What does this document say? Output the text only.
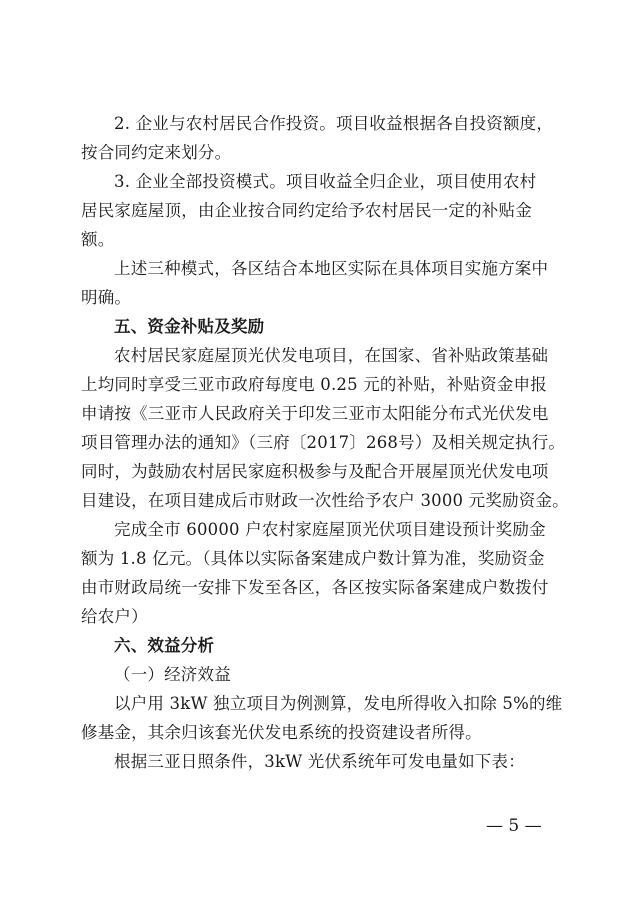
2. 企业与农村居民合作投资。项目收益根据各自投资额度，
按合同约定来划分。
3. 企业全部投资模式。项目收益全归企业，项目使用农村
居民家庭屋顶，由企业按合同约定给予农村居民一定的补贴金
额。
上述三种模式，各区结合本地区实际在具体项目实施方案中
明确。
五、资金补贴及奖励
农村居民家庭屋顶光伏发电项目，在国家、省补贴政策基础
上均同时享受三亚市政府每度电 0.25 元的补贴，补贴资金申报
申请按《三亚市人民政府关于印发三亚市太阳能分布式光伏发电
项目管理办法的通知》（三府〔2017〕268号）及相关规定执行。
同时，为鼓励农村居民家庭积极参与及配合开展屋顶光伏发电项
目建设，在项目建成后市财政一次性给予农户 3000 元奖励资金。
完成全市 60000 户农村家庭屋顶光伏项目建设预计奖励金
额为 1.8 亿元。（具体以实际备案建成户数计算为准，奖励资金
由市财政局统一安排下发至各区，各区按实际备案建成户数拨付
给农户）
六、效益分析
（一）经济效益
以户用 3kW 独立项目为例测算，发电所得收入扣除 5%的维
修基金，其余归该套光伏发电系统的投资建设者所得。
根据三亚日照条件，3kW 光伏系统年可发电量如下表：
— 5 —
